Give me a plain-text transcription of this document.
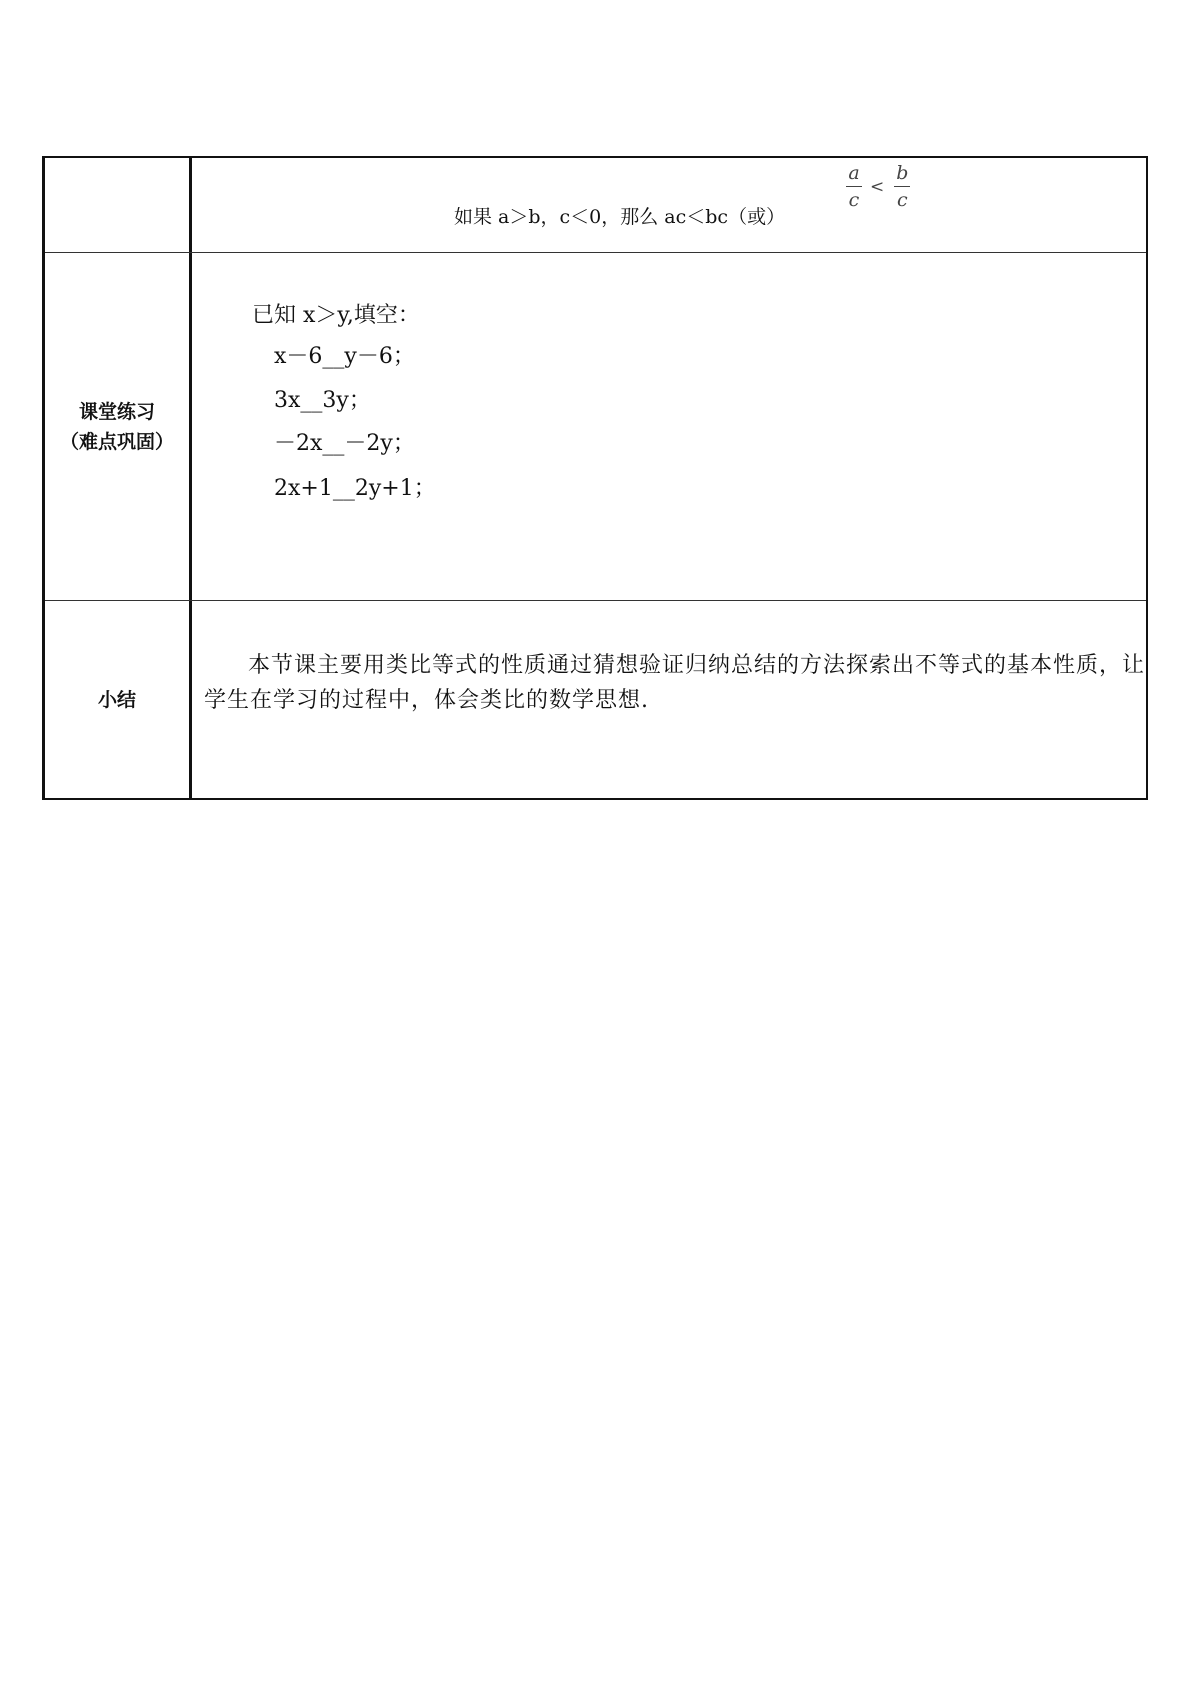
如果 a＞b，c＜0，那么 ac＜bc（或）
$\frac{a}{c} < \frac{b}{c}$
课堂练习
（难点巩固）
已知 x＞y,填空：
x－6__y－6；
3x__3y；
－2x__－2y；
2x+1__2y+1；
小结
本节课主要用类比等式的性质通过猜想验证归纳总结的方法探索出不等式的基本性质，让学生在学习的过程中，体会类比的数学思想.
